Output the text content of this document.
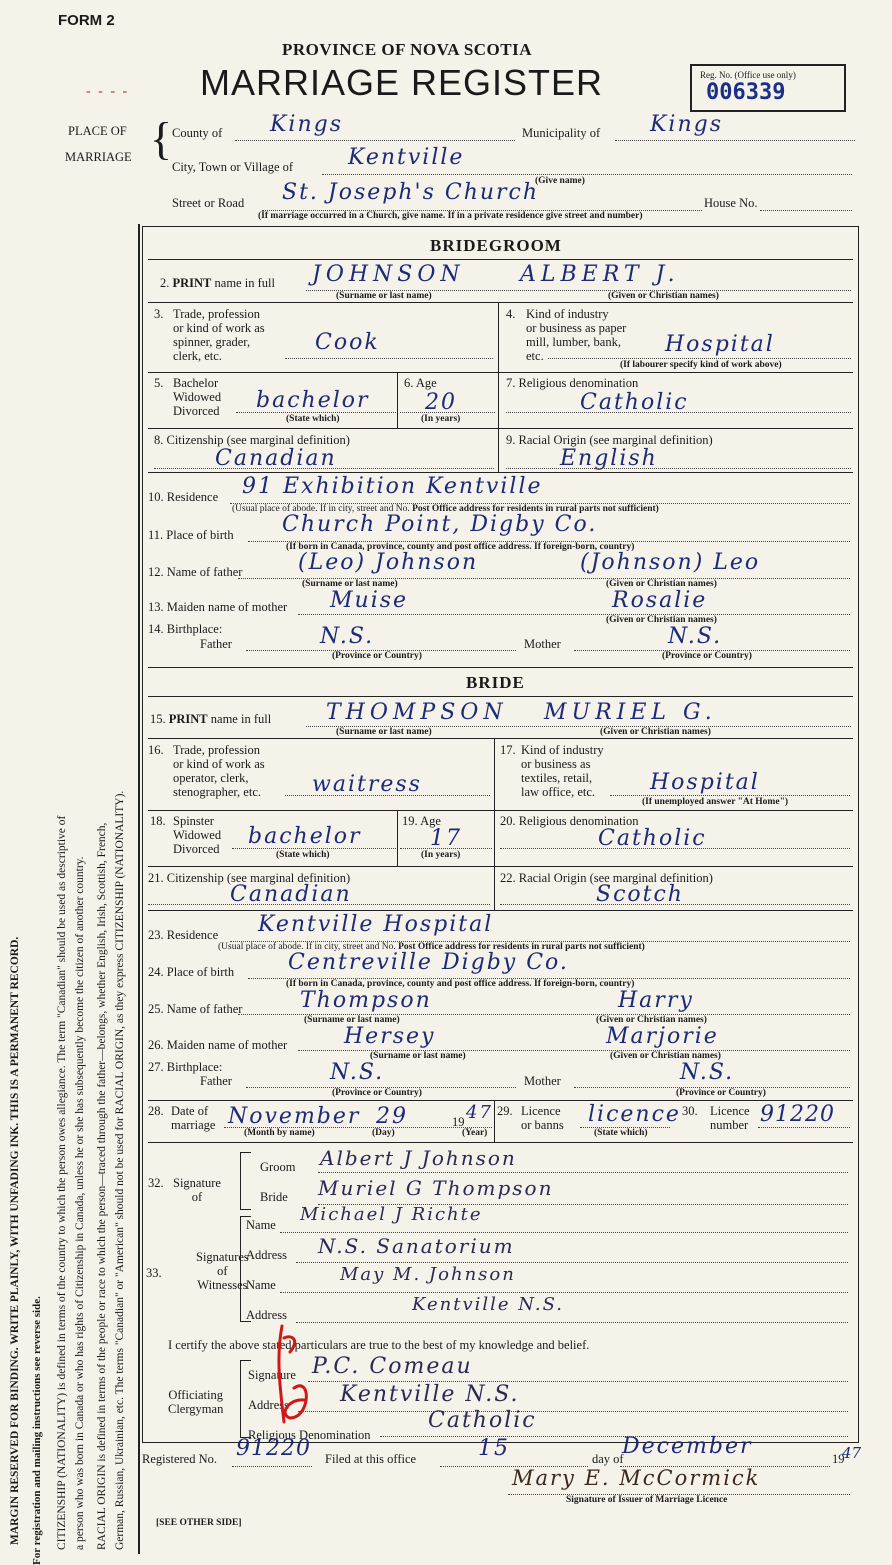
FORM 2
- - - -
PROVINCE OF NOVA SCOTIA
MARRIAGE REGISTER	Reg. No. (Office use only)
006339
PLACE OF
MARRIAGE { County of Kings	Municipality of Kings
City, Town or Village of Kentville
(Give name)
Street or Road St. Joseph's Church	House No.
(If marriage occurred in a Church, give name. If in a private residence give street and number)
MARGIN RESERVED FOR BINDING. WRITE PLAINLY, WITH UNFADING INK. THIS IS A PERMANENT RECORD. For registration and mailing instructions see reverse side. CITIZENSHIP (NATIONALITY) is defined in terms of the country to which the person owes allegiance. The term "Canadian" should be used as descriptive of a person who was born in Canada or who has rights of Citizenship in Canada, unless he or she has subsequently become the citizen of another country. RACIAL ORIGIN is defined in terms of the people or race to which the person—traced through the father—belongs, whether English, Irish, Scottish, French, German, Russian, Ukrainian, etc. The terms "Canadian" or "American" should not be used for RACIAL ORIGIN, as they express CITIZENSHIP (NATIONALITY).
BRIDEGROOM
2. PRINT name in full JOHNSON	ALBERT J.
(Surname or last name)	(Given or Christian names)
3. Trade, profession
or kind of work as
spinner, grader,
clerk, etc.
Cook
4. Kind of industry
or business as paper
mill, lumber, bank,
etc.	Hospital
(If labourer specify kind of work above)
5. Bachelor
Widowed
Divorced bachelor
(State which)
6. Age
20
(In years)
7. Religious denomination
Catholic
8. Citizenship (see marginal definition)
Canadian
9. Racial Origin (see marginal definition)
English
10. Residence 91 Exhibition Kentville
(Usual place of abode. If in city, street and No. Post Office address for residents in rural parts not sufficient)
11. Place of birth Church Point, Digby Co.
(If born in Canada, province, county and post office address. If foreign-born, country)
12. Name of father	(Leo) Johnson	(Johnson) Leo
(Surname or last name)	(Given or Christian names)
13. Maiden name of mother Muise	Rosalie
(Given or Christian names)
14. Birthplace:
Father	N.S.
(Province or Country)
Mother	N.S.
(Province or Country)
BRIDE
15. PRINT name in full THOMPSON MURIEL G.
(Surname or last name)	(Given or Christian names)
16. Trade, profession
or kind of work as
operator, clerk,
stenographer, etc. waitress
17. Kind of industry
or business as
textiles, retail,
law office, etc.	Hospital
(If unemployed answer "At Home")
18. Spinster
Widowed
Divorced bachelor
(State which)
19. Age
17
(In years)
20. Religious denomination
Catholic
21. Citizenship (see marginal definition)
Canadian
22. Racial Origin (see marginal definition)
Scotch
23. Residence Kentville Hospital
(Usual place of abode. If in city, street and No. Post Office address for residents in rural parts not sufficient)
24. Place of birth Centreville Digby Co.
(If born in Canada, province, county and post office address. If foreign-born, country)
25. Name of father	Thompson	Harry
(Surname or last name)	(Given or Christian names)
26. Maiden name of mother	Hersey	Marjorie
(Surname or last name)	(Given or Christian names)
27. Birthplace:
Father	N.S.
(Province or Country)
Mother	N.S.
(Province or Country)
28. Date of
marriage November 29	19 47
(Month by name)	(Day)	(Year)
29. Licence
or banns licence
(State which)
30. Licence
number 91220
32. Signature
of
Groom Albert J Johnson
Bride Muriel G Thompson
33.
Signatures
of
Witnesses
Name Michael J Richte
Address N.S. Sanatorium
Name	May M. Johnson
Address	Kentville N.S.
I certify the above stated particulars are true to the best of my knowledge and belief.
Officiating
Clergyman
Signature P.C. Comeau
Address Kentville N.S.
Religious Denomination
Catholic
Registered No. 91220 Filed at this office	15	day of
December	19
47
Mary E. McCormick
Signature of Issuer of Marriage Licence
[SEE OTHER SIDE]
